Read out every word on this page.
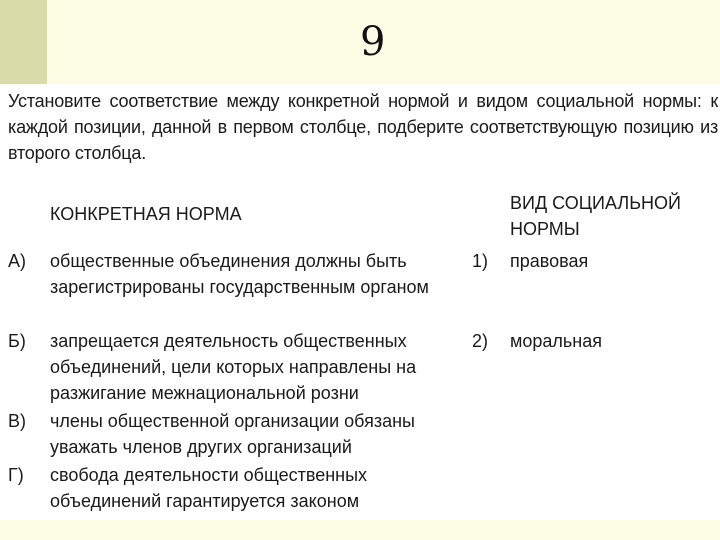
9
Установите соответствие между конкретной нормой и видом социальной нормы: к каждой позиции, данной в первом столбце, подберите соответствующую позицию из второго столбца.
КОНКРЕТНАЯ НОРМА
ВИД СОЦИАЛЬНОЙ НОРМЫ
А) общественные объединения должны быть зарегистрированы государственным органом
Б) запрещается деятельность общественных объединений, цели которых направлены на разжигание межнациональной розни
В) члены общественной организации обязаны уважать членов других организаций
Г) свобода деятельности общественных объединений гарантируется законом
1) правовая
2) моральная
